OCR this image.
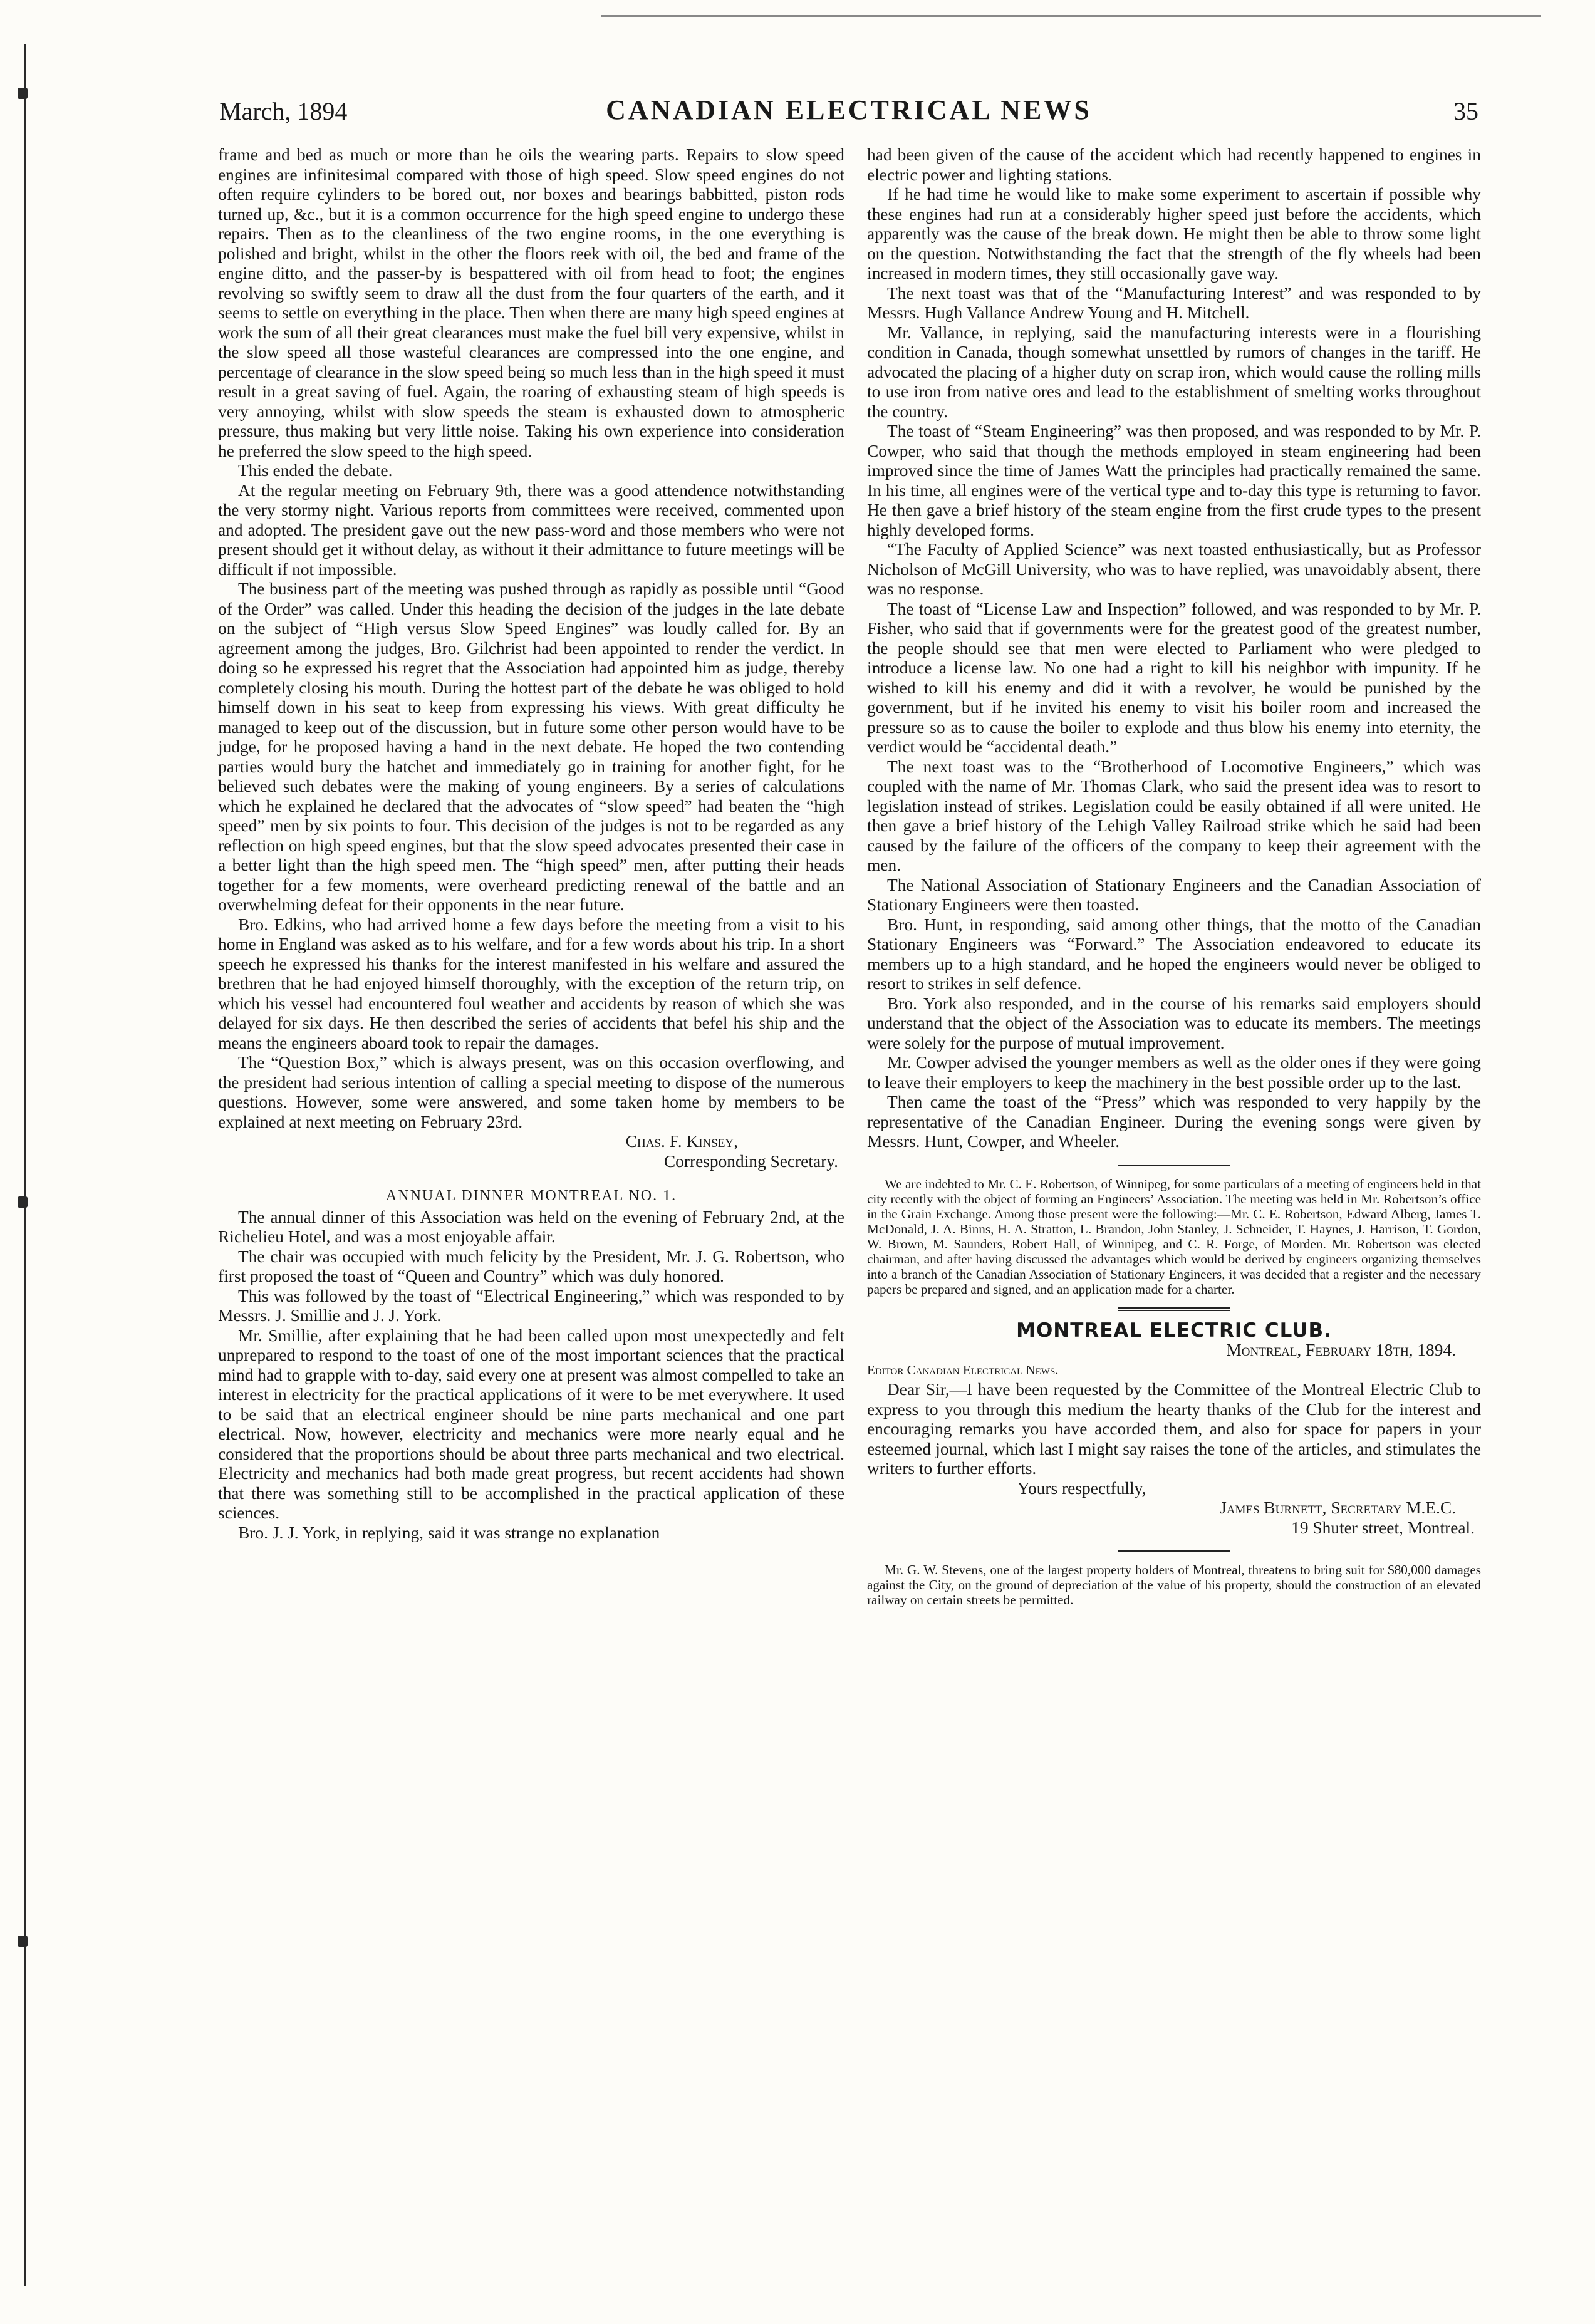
March, 1894	CANADIAN ELECTRICAL NEWS	35

frame and bed as much or more than he oils the wearing parts. Repairs to slow speed engines are infinitesimal compared with those of high speed. Slow speed engines do not often require cylinders to be bored out, nor boxes and bearings babbitted, piston rods turned up, &c., but it is a common occurrence for the high speed engine to undergo these repairs. Then as to the cleanliness of the two engine rooms, in the one everything is polished and bright, whilst in the other the floors reek with oil, the bed and frame of the engine ditto, and the passer-by is bespattered with oil from head to foot; the engines revolving so swiftly seem to draw all the dust from the four quarters of the earth, and it seems to settle on everything in the place. Then when there are many high speed engines at work the sum of all their great clearances must make the fuel bill very expensive, whilst in the slow speed all those wasteful clearances are compressed into the one engine, and percentage of clearance in the slow speed being so much less than in the high speed it must result in a great saving of fuel. Again, the roaring of exhausting steam of high speeds is very annoying, whilst with slow speeds the steam is exhausted down to atmospheric pressure, thus making but very little noise. Taking his own experience into consideration he preferred the slow speed to the high speed.

This ended the debate.

At the regular meeting on February 9th, there was a good attendence notwithstanding the very stormy night. Various reports from committees were received, commented upon and adopted. The president gave out the new pass-word and those members who were not present should get it without delay, as without it their admittance to future meetings will be difficult if not impossible.

The business part of the meeting was pushed through as rapidly as possible until “Good of the Order” was called. Under this heading the decision of the judges in the late debate on the subject of “High versus Slow Speed Engines” was loudly called for. By an agreement among the judges, Bro. Gilchrist had been appointed to render the verdict. In doing so he expressed his regret that the Association had appointed him as judge, thereby completely closing his mouth. During the hottest part of the debate he was obliged to hold himself down in his seat to keep from expressing his views. With great difficulty he managed to keep out of the discussion, but in future some other person would have to be judge, for he proposed having a hand in the next debate. He hoped the two contending parties would bury the hatchet and immediately go in training for another fight, for he believed such debates were the making of young engineers. By a series of calculations which he explained he declared that the advocates of “slow speed” had beaten the “high speed” men by six points to four. This decision of the judges is not to be regarded as any reflection on high speed engines, but that the slow speed advocates presented their case in a better light than the high speed men. The “high speed” men, after putting their heads together for a few moments, were overheard predicting renewal of the battle and an overwhelming defeat for their opponents in the near future.

Bro. Edkins, who had arrived home a few days before the meeting from a visit to his home in England was asked as to his welfare, and for a few words about his trip. In a short speech he expressed his thanks for the interest manifested in his welfare and assured the brethren that he had enjoyed himself thoroughly, with the exception of the return trip, on which his vessel had encountered foul weather and accidents by reason of which she was delayed for six days. He then described the series of accidents that befel his ship and the means the engineers aboard took to repair the damages.

The “Question Box,” which is always present, was on this occasion overflowing, and the president had serious intention of calling a special meeting to dispose of the numerous questions. However, some were answered, and some taken home by members to be explained at next meeting on February 23rd.

Chas. F. Kinsey,
Corresponding Secretary.
ANNUAL DINNER MONTREAL NO. 1.

The annual dinner of this Association was held on the evening of February 2nd, at the Richelieu Hotel, and was a most enjoyable affair.

The chair was occupied with much felicity by the President, Mr. J. G. Robertson, who first proposed the toast of “Queen and Country” which was duly honored.

This was followed by the toast of “Electrical Engineering,” which was responded to by Messrs. J. Smillie and J. J. York.

Mr. Smillie, after explaining that he had been called upon most unexpectedly and felt unprepared to respond to the toast of one of the most important sciences that the practical mind had to grapple with to-day, said every one at present was almost compelled to take an interest in electricity for the practical applications of it were to be met everywhere. It used to be said that an electrical engineer should be nine parts mechanical and one part electrical. Now, however, electricity and mechanics were more nearly equal and he considered that the proportions should be about three parts mechanical and two electrical. Electricity and mechanics had both made great progress, but recent accidents had shown that there was something still to be accomplished in the practical application of these sciences.

Bro. J. J. York, in replying, said it was strange no explanation

had been given of the cause of the accident which had recently happened to engines in electric power and lighting stations.

If he had time he would like to make some experiment to ascertain if possible why these engines had run at a considerably higher speed just before the accidents, which apparently was the cause of the break down. He might then be able to throw some light on the question. Notwithstanding the fact that the strength of the fly wheels had been increased in modern times, they still occasionally gave way.

The next toast was that of the “Manufacturing Interest” and was responded to by Messrs. Hugh Vallance Andrew Young and H. Mitchell.

Mr. Vallance, in replying, said the manufacturing interests were in a flourishing condition in Canada, though somewhat unsettled by rumors of changes in the tariff. He advocated the placing of a higher duty on scrap iron, which would cause the rolling mills to use iron from native ores and lead to the establishment of smelting works throughout the country.

The toast of “Steam Engineering” was then proposed, and was responded to by Mr. P. Cowper, who said that though the methods employed in steam engineering had been improved since the time of James Watt the principles had practically remained the same. In his time, all engines were of the vertical type and to-day this type is returning to favor. He then gave a brief history of the steam engine from the first crude types to the present highly developed forms.

“The Faculty of Applied Science” was next toasted enthusiastically, but as Professor Nicholson of McGill University, who was to have replied, was unavoidably absent, there was no response.

The toast of “License Law and Inspection” followed, and was responded to by Mr. P. Fisher, who said that if governments were for the greatest good of the greatest number, the people should see that men were elected to Parliament who were pledged to introduce a license law. No one had a right to kill his neighbor with impunity. If he wished to kill his enemy and did it with a revolver, he would be punished by the government, but if he invited his enemy to visit his boiler room and increased the pressure so as to cause the boiler to explode and thus blow his enemy into eternity, the verdict would be “accidental death.”

The next toast was to the “Brotherhood of Locomotive Engineers,” which was coupled with the name of Mr. Thomas Clark, who said the present idea was to resort to legislation instead of strikes. Legislation could be easily obtained if all were united. He then gave a brief history of the Lehigh Valley Railroad strike which he said had been caused by the failure of the officers of the company to keep their agreement with the men.

The National Association of Stationary Engineers and the Canadian Association of Stationary Engineers were then toasted.

Bro. Hunt, in responding, said among other things, that the motto of the Canadian Stationary Engineers was “Forward.” The Association endeavored to educate its members up to a high standard, and he hoped the engineers would never be obliged to resort to strikes in self defence.

Bro. York also responded, and in the course of his remarks said employers should understand that the object of the Association was to educate its members. The meetings were solely for the purpose of mutual improvement.

Mr. Cowper advised the younger members as well as the older ones if they were going to leave their employers to keep the machinery in the best possible order up to the last.

Then came the toast of the “Press” which was responded to very happily by the representative of the Canadian Engineer. During the evening songs were given by Messrs. Hunt, Cowper, and Wheeler.

We are indebted to Mr. C. E. Robertson, of Winnipeg, for some particulars of a meeting of engineers held in that city recently with the object of forming an Engineers’ Association. The meeting was held in Mr. Robertson’s office in the Grain Exchange. Among those present were the following:—Mr. C. E. Robertson, Edward Alberg, James T. McDonald, J. A. Binns, H. A. Stratton, L. Brandon, John Stanley, J. Schneider, T. Haynes, J. Harrison, T. Gordon, W. Brown, M. Saunders, Robert Hall, of Winnipeg, and C. R. Forge, of Morden. Mr. Robertson was elected chairman, and after having discussed the advantages which would be derived by engineers organizing themselves into a branch of the Canadian Association of Stationary Engineers, it was decided that a register and the necessary papers be prepared and signed, and an application made for a charter.

MONTREAL ELECTRIC CLUB.
Montreal, February 18th, 1894.
Editor Canadian Electrical News.

Dear Sir,—I have been requested by the Committee of the Montreal Electric Club to express to you through this medium the hearty thanks of the Club for the interest and encouraging remarks you have accorded them, and also for space for papers in your esteemed journal, which last I might say raises the tone of the articles, and stimulates the writers to further efforts.

Yours respectfully,
James Burnett, Secretary M.E.C.
19 Shuter street, Montreal.

Mr. G. W. Stevens, one of the largest property holders of Montreal, threatens to bring suit for $80,000 damages against the City, on the ground of depreciation of the value of his property, should the construction of an elevated railway on certain streets be permitted.
